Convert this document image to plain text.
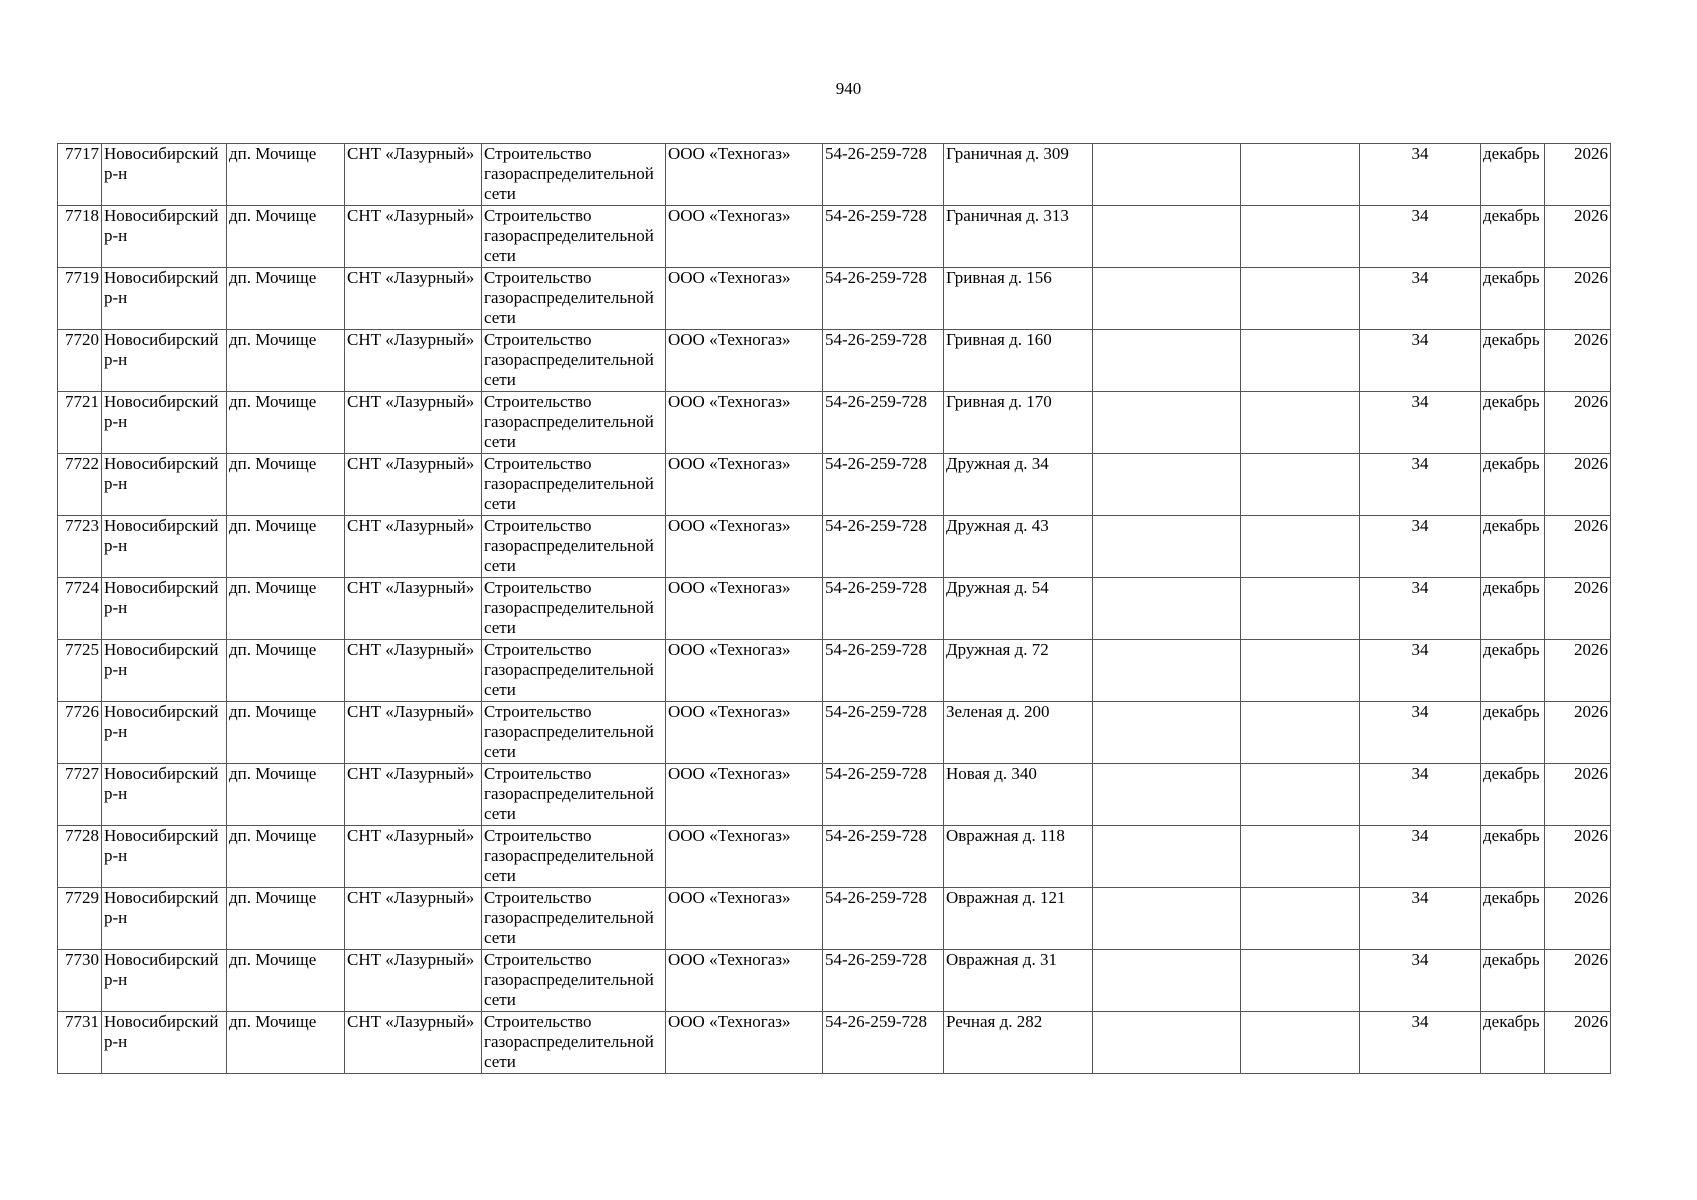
940
7717	Новосибирский р-н	дп. Мочище	СНТ «Лазурный»	Строительство газораспределительной сети	ООО «Техногаз»	54-26-259-728	Граничная д. 309			34	декабрь	2026
7718	Новосибирский р-н	дп. Мочище	СНТ «Лазурный»	Строительство газораспределительной сети	ООО «Техногаз»	54-26-259-728	Граничная д. 313			34	декабрь	2026
7719	Новосибирский р-н	дп. Мочище	СНТ «Лазурный»	Строительство газораспределительной сети	ООО «Техногаз»	54-26-259-728	Гривная д. 156			34	декабрь	2026
7720	Новосибирский р-н	дп. Мочище	СНТ «Лазурный»	Строительство газораспределительной сети	ООО «Техногаз»	54-26-259-728	Гривная д. 160			34	декабрь	2026
7721	Новосибирский р-н	дп. Мочище	СНТ «Лазурный»	Строительство газораспределительной сети	ООО «Техногаз»	54-26-259-728	Гривная д. 170			34	декабрь	2026
7722	Новосибирский р-н	дп. Мочище	СНТ «Лазурный»	Строительство газораспределительной сети	ООО «Техногаз»	54-26-259-728	Дружная д. 34			34	декабрь	2026
7723	Новосибирский р-н	дп. Мочище	СНТ «Лазурный»	Строительство газораспределительной сети	ООО «Техногаз»	54-26-259-728	Дружная д. 43			34	декабрь	2026
7724	Новосибирский р-н	дп. Мочище	СНТ «Лазурный»	Строительство газораспределительной сети	ООО «Техногаз»	54-26-259-728	Дружная д. 54			34	декабрь	2026
7725	Новосибирский р-н	дп. Мочище	СНТ «Лазурный»	Строительство газораспределительной сети	ООО «Техногаз»	54-26-259-728	Дружная д. 72			34	декабрь	2026
7726	Новосибирский р-н	дп. Мочище	СНТ «Лазурный»	Строительство газораспределительной сети	ООО «Техногаз»	54-26-259-728	Зеленая д. 200			34	декабрь	2026
7727	Новосибирский р-н	дп. Мочище	СНТ «Лазурный»	Строительство газораспределительной сети	ООО «Техногаз»	54-26-259-728	Новая д. 340			34	декабрь	2026
7728	Новосибирский р-н	дп. Мочище	СНТ «Лазурный»	Строительство газораспределительной сети	ООО «Техногаз»	54-26-259-728	Овражная д. 118			34	декабрь	2026
7729	Новосибирский р-н	дп. Мочище	СНТ «Лазурный»	Строительство газораспределительной сети	ООО «Техногаз»	54-26-259-728	Овражная д. 121			34	декабрь	2026
7730	Новосибирский р-н	дп. Мочище	СНТ «Лазурный»	Строительство газораспределительной сети	ООО «Техногаз»	54-26-259-728	Овражная д. 31			34	декабрь	2026
7731	Новосибирский р-н	дп. Мочище	СНТ «Лазурный»	Строительство газораспределительной сети	ООО «Техногаз»	54-26-259-728	Речная д. 282			34	декабрь	2026
